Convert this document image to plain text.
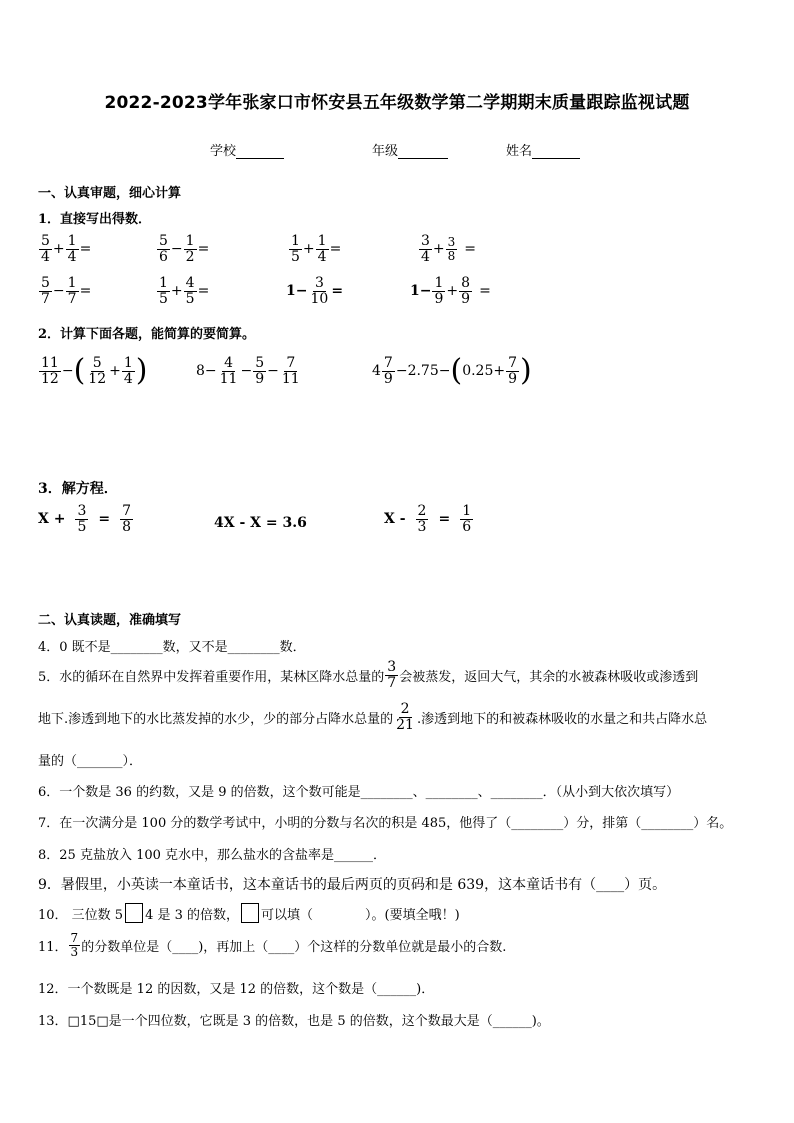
2022-2023学年张家口市怀安县五年级数学第二学期期末质量跟踪监视试题
学校	年级	姓名
一、认真审题，细心计算
1．直接写出得数．
$\frac{5}{4} + \frac{1}{4}$ =	$\frac{5}{6} - \frac{1}{2}$ =	$\frac{1}{5} + \frac{1}{4}$ =	$\frac{3}{4} + \frac{3}{8}$ =
$\frac{5}{7} - \frac{1}{7}$ =	$\frac{1}{5} + \frac{4}{5}$ =	$1- \frac{3}{10}$ =	$1- \frac{1}{9} + \frac{8}{9}$ =
2．计算下面各题，能简算的要简算。
$\frac{11}{12}$ − ( $\frac{5}{12} + \frac{1}{4}$ )	$8- \frac{4}{11} - \frac{5}{9} - \frac{7}{11}$	$4 \frac{7}{9} -2.75-$ ( $0.25+ \frac{7}{9}$ )
3．解方程．
$X + \frac{3}{5} = \frac{7}{8}$	4X - X = 3.6	$X - \frac{2}{3} = \frac{1}{6}$
二、认真读题，准确填写
4．0 既不是________数，又不是________数．
5．水的循环在自然界中发挥着重要作用，某林区降水总量的 $\frac{3}{7}$ 会被蒸发，返回大气，其余的水被森林吸收或渗透到
地下.渗透到地下的水比蒸发掉的水少，少的部分占降水总量的 $\frac{2}{21}$ .渗透到地下的和被森林吸收的水量之和共占降水总
量的（_______）．
6．一个数是 36 的约数，又是 9 的倍数，这个数可能是________、________、________．（从小到大依次填写）
7．在一次满分是 100 分的数学考试中，小明的分数与名次的积是 485，他得了（________）分，排第（________）名。
8．25 克盐放入 100 克水中，那么盐水的含盐率是______．
9．暑假里，小英读一本童话书，这本童话书的最后两页的页码和是 639，这本童话书有（____）页。
10． 三位数 5 4 是 3 的倍数， 可以填（　　　　）。(要填全哦！)
11． $\frac{7}{3}$ 的分数单位是（____)，再加上（____）个这样的分数单位就是最小的合数.
12．一个数既是 12 的因数，又是 12 的倍数，这个数是（______)．
13．□15□是一个四位数，它既是 3 的倍数，也是 5 的倍数，这个数最大是（______)。
